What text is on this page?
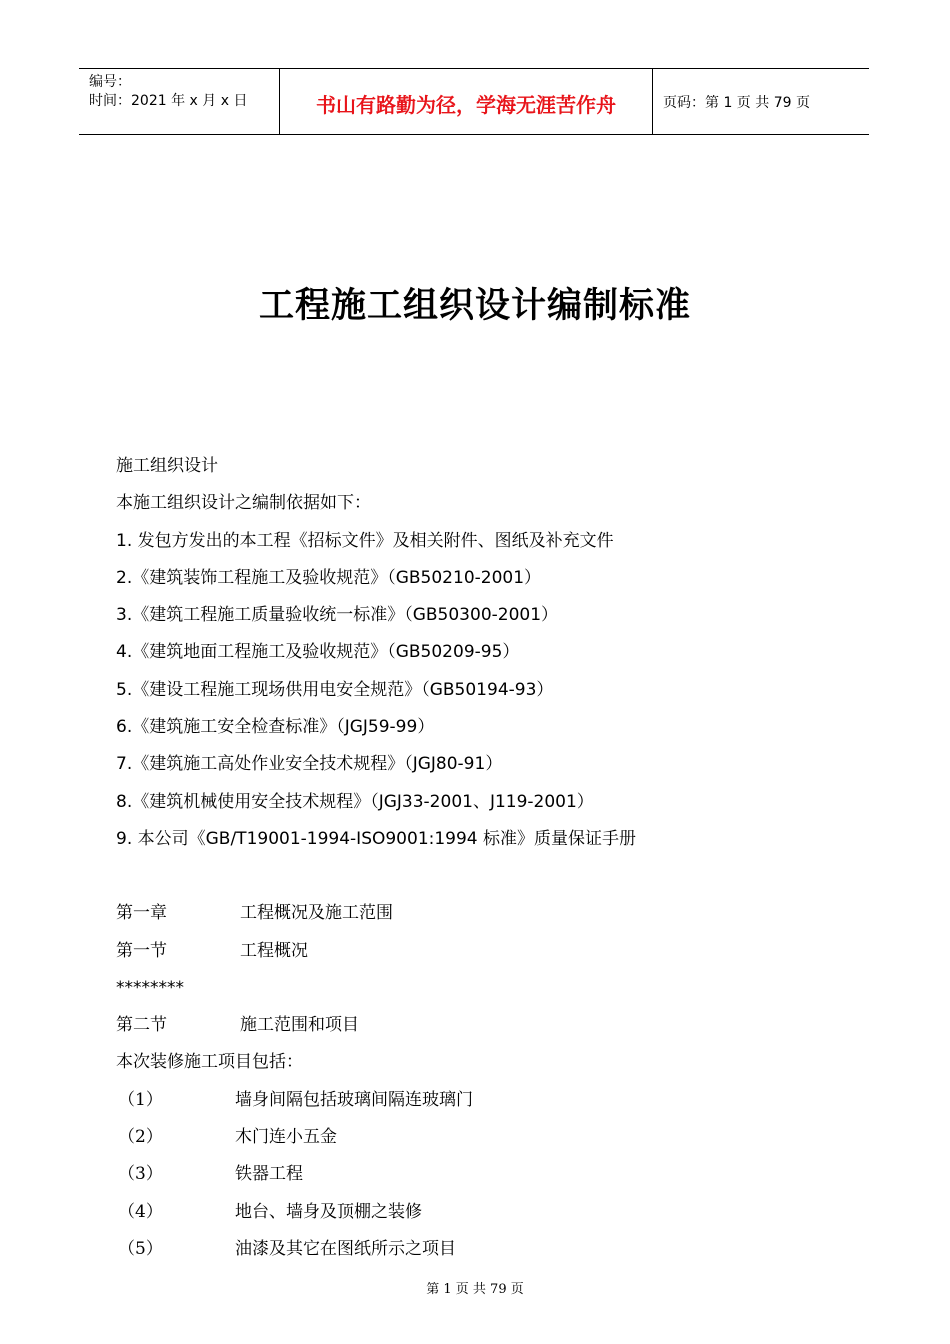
编号：
时间：2021 年 x 月 x 日	书山有路勤为径，学海无涯苦作舟	页码：第 1 页 共 79 页
工程施工组织设计编制标准
施工组织设计
本施工组织设计之编制依据如下：
1. 发包方发出的本工程《招标文件》及相关附件、图纸及补充文件
2.《建筑装饰工程施工及验收规范》（GB50210-2001）
3.《建筑工程施工质量验收统一标准》（GB50300-2001）
4.《建筑地面工程施工及验收规范》（GB50209-95）
5.《建设工程施工现场供用电安全规范》（GB50194-93）
6.《建筑施工安全检查标准》（JGJ59-99）
7.《建筑施工高处作业安全技术规程》（JGJ80-91）
8.《建筑机械使用安全技术规程》（JGJ33-2001、J119-2001）
9. 本公司《GB/T19001-1994-ISO9001:1994 标准》质量保证手册
第一章	工程概况及施工范围
第一节	工程概况
********
第二节	施工范围和项目
本次装修施工项目包括：
（1）	墙身间隔包括玻璃间隔连玻璃门
（2）	木门连小五金
（3）	铁器工程
（4）	地台、墙身及顶棚之装修
（5）	油漆及其它在图纸所示之项目
第 1 页 共 79 页
